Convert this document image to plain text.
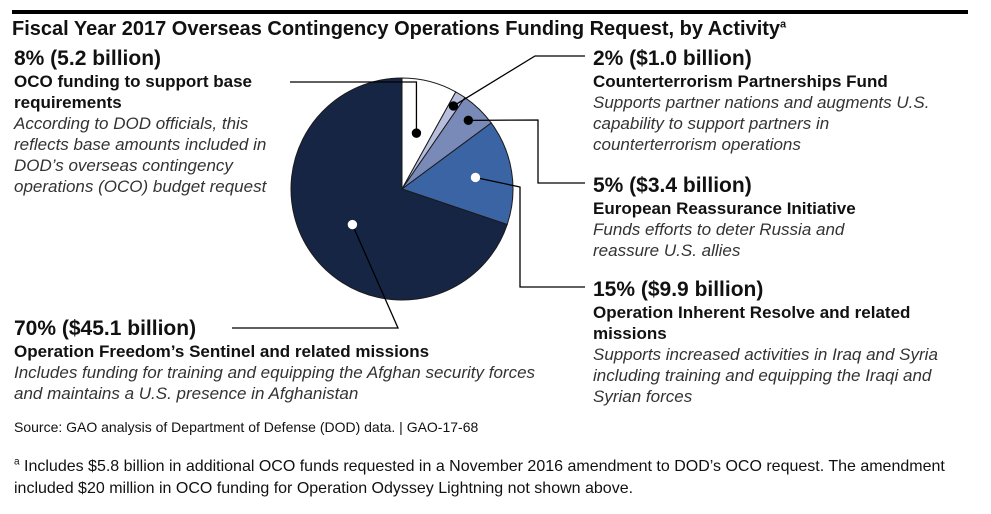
Fiscal Year 2017 Overseas Contingency Operations Funding Request, by Activity$^a$
8% (5.2 billion)
OCO funding to support base requirements
According to DOD officials, this reflects base amounts included in DOD’s overseas contingency operations (OCO) budget request
2% ($1.0 billion)
Counterterrorism Partnerships Fund
Supports partner nations and augments U.S. capability to support partners in counterterrorism operations
5% ($3.4 billion)
European Reassurance Initiative
Funds efforts to deter Russia and reassure U.S. allies
15% ($9.9 billion)
Operation Inherent Resolve and related missions
Supports increased activities in Iraq and Syria including training and equipping the Iraqi and Syrian forces
70% ($45.1 billion)
Operation Freedom’s Sentinel and related missions
Includes funding for training and equipping the Afghan security forces and maintains a U.S. presence in Afghanistan
Source: GAO analysis of Department of Defense (DOD) data. | GAO-17-68
$^a$ Includes $5.8 billion in additional OCO funds requested in a November 2016 amendment to DOD’s OCO request. The amendment included $20 million in OCO funding for Operation Odyssey Lightning not shown above.
